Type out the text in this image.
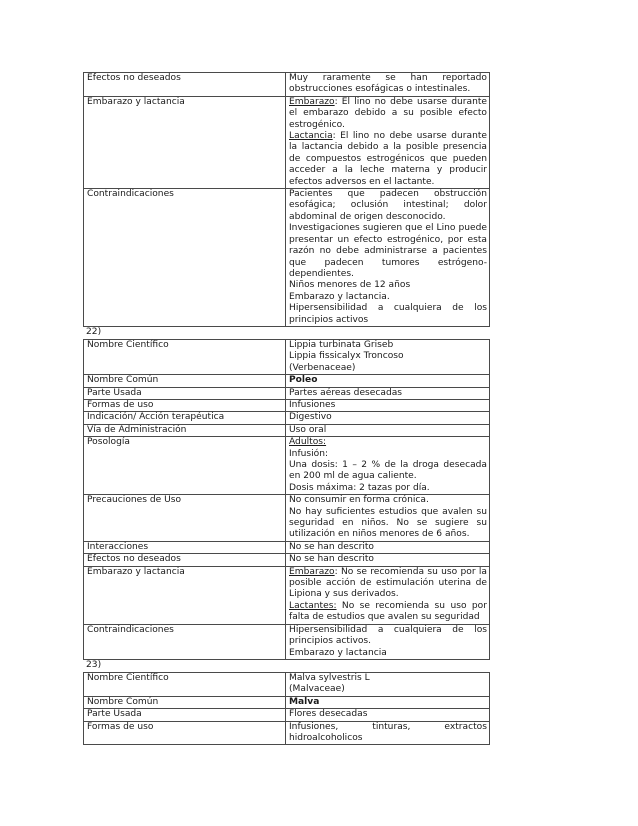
Efectos no deseados	Muy raramente se han reportado obstrucciones esofágicas o intestinales.

Embarazo y lactancia	Embarazo: El lino no debe usarse durante el embarazo debido a su posible efecto estrogénico.
Lactancia: El lino no debe usarse durante la lactancia debido a la posible presencia de compuestos estrogénicos que pueden acceder a la leche materna y producir efectos adversos en el lactante.

Contraindicaciones	Pacientes que padecen obstrucción esofágica; oclusión intestinal; dolor abdominal de origen desconocido.
Investigaciones sugieren que el Lino puede presentar un efecto estrogénico, por esta razón no debe administrarse a pacientes que padecen tumores estrógeno- dependientes.
Niños menores de 12 años
Embarazo y lactancia.
Hipersensibilidad a cualquiera de los principios activos
22)
Nombre Científico	Lippia turbinata Griseb
Lippia fissicalyx Troncoso
(Verbenaceae)

Nombre Común	Poleo
Parte Usada	Partes aéreas desecadas

Formas de uso	Infusiones

Indicación/ Acción terapéutica	Digestivo

Vía de Administración	Uso oral

Posología	Adultos:
Infusión:
Una dosis: 1 – 2 % de la droga desecada en 200 ml de agua caliente.
Dosis máxima: 2 tazas por día.

Precauciones de Uso	No consumir en forma crónica.
No hay suficientes estudios que avalen su seguridad en niños. No se sugiere su utilización en niños menores de 6 años.

Interacciones	No se han descrito

Efectos no deseados	No se han descrito

Embarazo y lactancia	Embarazo: No se recomienda su uso por la posible acción de estimulación uterina de Lipiona y sus derivados.
Lactantes: No se recomienda su uso por falta de estudios que avalen su seguridad

Contraindicaciones	Hipersensibilidad a cualquiera de los principios activos.
Embarazo y lactancia
23)
Nombre Científico	Malva sylvestris L
(Malvaceae)

Nombre Común	Malva
Parte Usada	Flores desecadas

Formas de uso	Infusiones, tinturas, extractos hidroalcoholicos
